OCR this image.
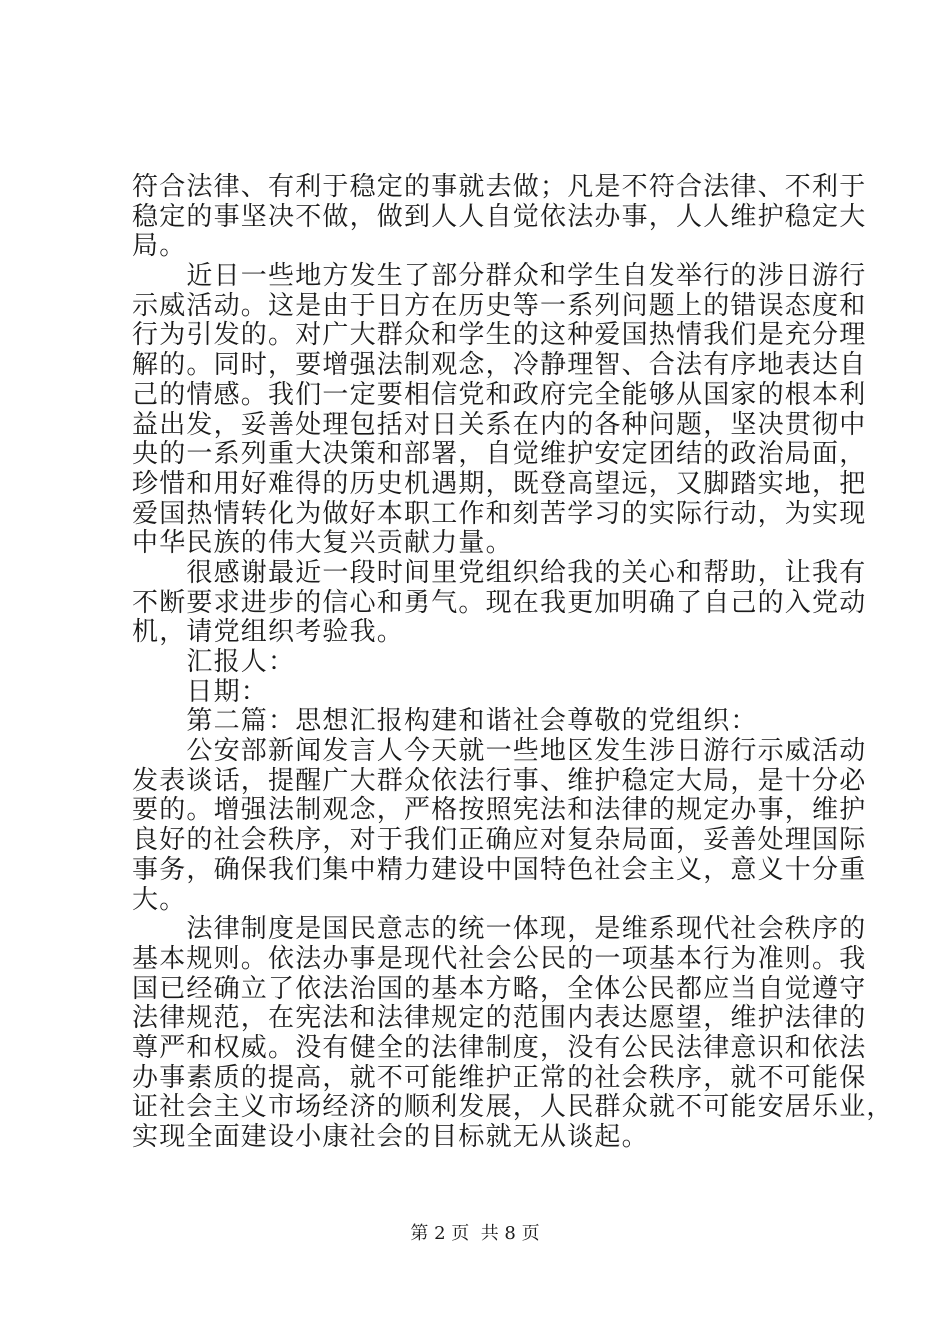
符合法律、有利于稳定的事就去做；凡是不符合法律、不利于
稳定的事坚决不做，做到人人自觉依法办事，人人维护稳定大
局。
　　近日一些地方发生了部分群众和学生自发举行的涉日游行
示威活动。这是由于日方在历史等一系列问题上的错误态度和
行为引发的。对广大群众和学生的这种爱国热情我们是充分理
解的。同时，要增强法制观念，冷静理智、合法有序地表达自
己的情感。我们一定要相信党和政府完全能够从国家的根本利
益出发，妥善处理包括对日关系在内的各种问题，坚决贯彻中
央的一系列重大决策和部署，自觉维护安定团结的政治局面，
珍惜和用好难得的历史机遇期，既登高望远，又脚踏实地，把
爱国热情转化为做好本职工作和刻苦学习的实际行动，为实现
中华民族的伟大复兴贡献力量。
　　很感谢最近一段时间里党组织给我的关心和帮助，让我有
不断要求进步的信心和勇气。现在我更加明确了自己的入党动
机，请党组织考验我。
　　汇报人：
　　日期：
　　第二篇：思想汇报构建和谐社会尊敬的党组织：
　　公安部新闻发言人今天就一些地区发生涉日游行示威活动
发表谈话，提醒广大群众依法行事、维护稳定大局，是十分必
要的。增强法制观念，严格按照宪法和法律的规定办事，维护
良好的社会秩序，对于我们正确应对复杂局面，妥善处理国际
事务，确保我们集中精力建设中国特色社会主义，意义十分重
大。
　　法律制度是国民意志的统一体现，是维系现代社会秩序的
基本规则。依法办事是现代社会公民的一项基本行为准则。我
国已经确立了依法治国的基本方略，全体公民都应当自觉遵守
法律规范，在宪法和法律规定的范围内表达愿望，维护法律的
尊严和权威。没有健全的法律制度，没有公民法律意识和依法
办事素质的提高，就不可能维护正常的社会秩序，就不可能保
证社会主义市场经济的顺利发展，人民群众就不可能安居乐业，
实现全面建设小康社会的目标就无从谈起。
第 2 页  共 8 页
